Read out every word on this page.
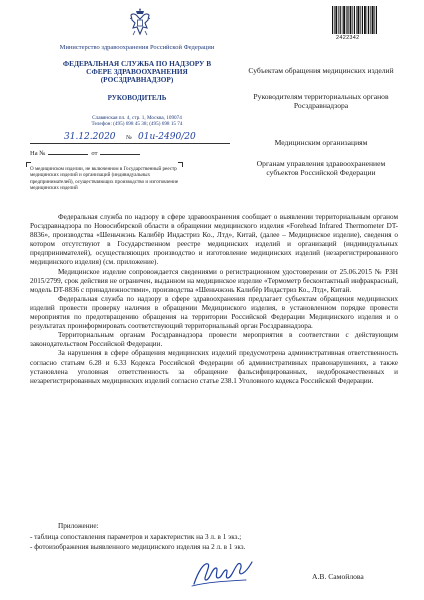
Министерство здравоохранения Российской Федерации
ФЕДЕРАЛЬНАЯ СЛУЖБА ПО НАДЗОРУ В СФЕРЕ ЗДРАВООХРАНЕНИЯ (РОСЗДРАВНАДЗОР)
РУКОВОДИТЕЛЬ
Славянская пл. 4, стр. 1, Москва, 109074
Телефон: (495) 698 45 38; (495) 698 15 74
31.12.2020 № 01и-2490/20
На №	от
О медицинском изделии, не включенном в Государственный реестр медицинских изделий и организаций (индивидуальных предпринимателей), осуществляющих производство и изготовление медицинских изделий
2422342
Субъектам обращения медицинских изделий
Руководителям территориальных органов Росздравнадзора
Медицинским организациям
Органам управления здравоохранением субъектов Российской Федерации

Федеральная служба по надзору в сфере здравоохранения сообщает о выявлении территориальным органом Росздравнадзора по Новосибирской области в обращении медицинского изделия «Forehead Infrared Thermometer DT-8836», производства «Шеньчжэнь Калибёр Индастриз Ко., Лтд», Китай, (далее – Медицинское изделие), сведения о котором отсутствуют в Государственном реестре медицинских изделий и организаций (индивидуальных предпринимателей), осуществляющих производство и изготовление медицинских изделий (незарегистрированного медицинского изделия) (см. приложение).

Медицинское изделие сопровождается сведениями о регистрационном удостоверении от 25.06.2015 № РЗН 2015/2799, срок действия не ограничен, выданном на медицинское изделие «Термометр бесконтактный инфракрасный, модель DT-8836 с принадлежностями», производства «Шеньчжэнь Калибёр Индастриз Ко., Лтд», Китай.

Федеральная служба по надзору в сфере здравоохранения предлагает субъектам обращения медицинских изделий провести проверку наличия в обращении Медицинского изделия, в установленном порядке провести мероприятия по предотвращению обращения на территории Российской Федерации Медицинского изделия и о результатах проинформировать соответствующий территориальный орган Росздравнадзора.

Территориальным органам Росздравнадзора провести мероприятия в соответствии с действующим законодательством Российской Федерации.

За нарушения в сфере обращения медицинских изделий предусмотрена административная ответственность согласно статьям 6.28 и 6.33 Кодекса Российской Федерации об административных правонарушениях, а также установлена уголовная ответственность за обращение фальсифицированных, недоброкачественных и незарегистрированных медицинских изделий согласно статье 238.1 Уголовного кодекса Российской Федерации.

Приложение:
- таблица сопоставления параметров и характеристик на 3 л. в 1 экз.;
- фотоизображения выявленного медицинского изделия на 2 л. в 1 экз.
А.В. Самойлова
